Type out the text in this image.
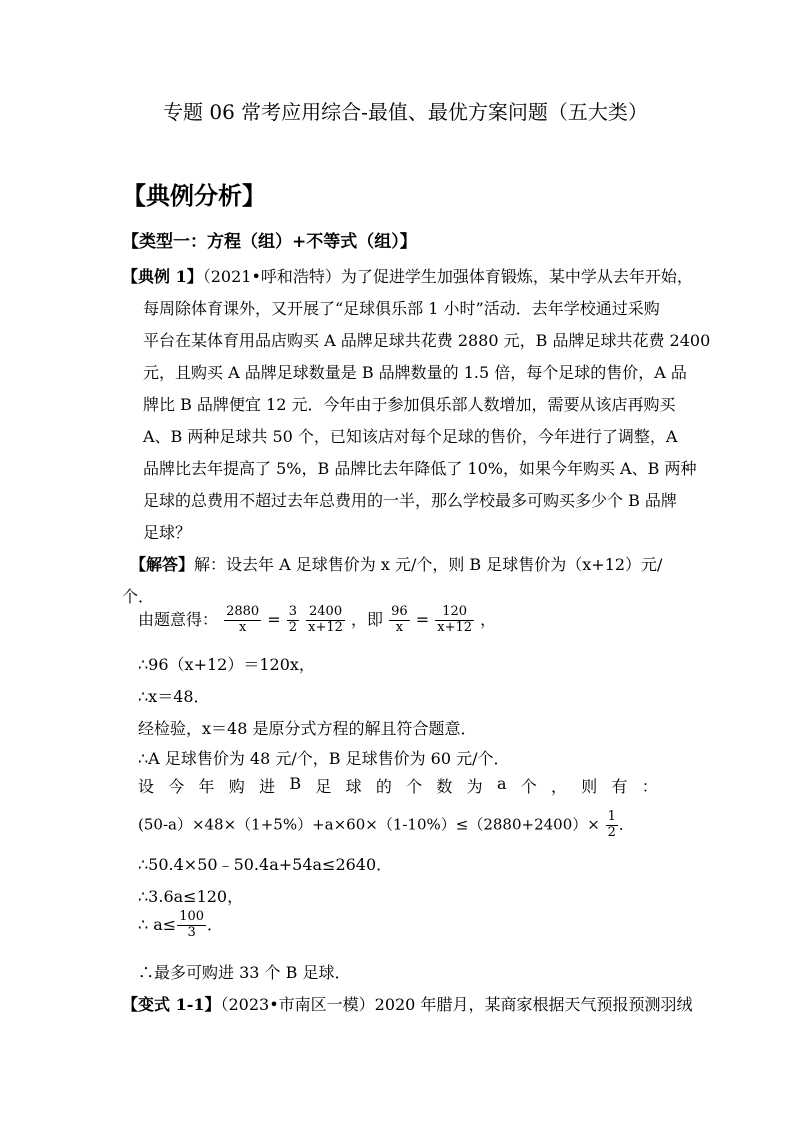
专题 06 常考应用综合-最值、最优方案问题（五大类）
【典例分析】
【类型一：方程（组）+不等式（组）】
【典例 1】（2021•呼和浩特）为了促进学生加强体育锻炼，某中学从去年开始，
每周除体育课外，又开展了“足球俱乐部 1 小时”活动．去年学校通过采购
平台在某体育用品店购买 A 品牌足球共花费 2880 元，B 品牌足球共花费 2400
元，且购买 A 品牌足球数量是 B 品牌数量的 1.5 倍，每个足球的售价，A 品
牌比 B 品牌便宜 12 元．今年由于参加俱乐部人数增加，需要从该店再购买
A、B 两种足球共 50 个，已知该店对每个足球的售价，今年进行了调整，A
品牌比去年提高了 5%，B 品牌比去年降低了 10%，如果今年购买 A、B 两种
足球的总费用不超过去年总费用的一半，那么学校最多可购买多少个 B 品牌
足球？
【解答】解：设去年 A 足球售价为 x 元/个，则 B 足球售价为（x+12）元/
个．
由题意得： $\frac{2880}{x} = \frac{3}{2}$
$\frac{2400}{x+12}$ ，即 $\frac{96}{x} = \frac{120}{x+12}$ ，
∴96（x+12）＝120x，
∴x＝48．
经检验，x＝48 是原分式方程的解且符合题意．
∴A 足球售价为 48 元/个，B 足球售价为 60 元/个．
设 今 年 购 进 B 足 球 的 个 数 为 a 个 ， 则 有 ：
$(50-a)\times 48\times(1+5\%)+a\times 60\times(1-10\%)\le(2880+2400)\times \frac{1}{2}$ ．
∴50.4×50﹣50.4a+54a≤2640．
∴3.6a≤120，
∴ $a\le \frac{100}{3}$ ．
∴最多可购进 33 个 B 足球．
【变式 1-1】（2023•市南区一模）2020 年腊月，某商家根据天气预报预测羽绒
